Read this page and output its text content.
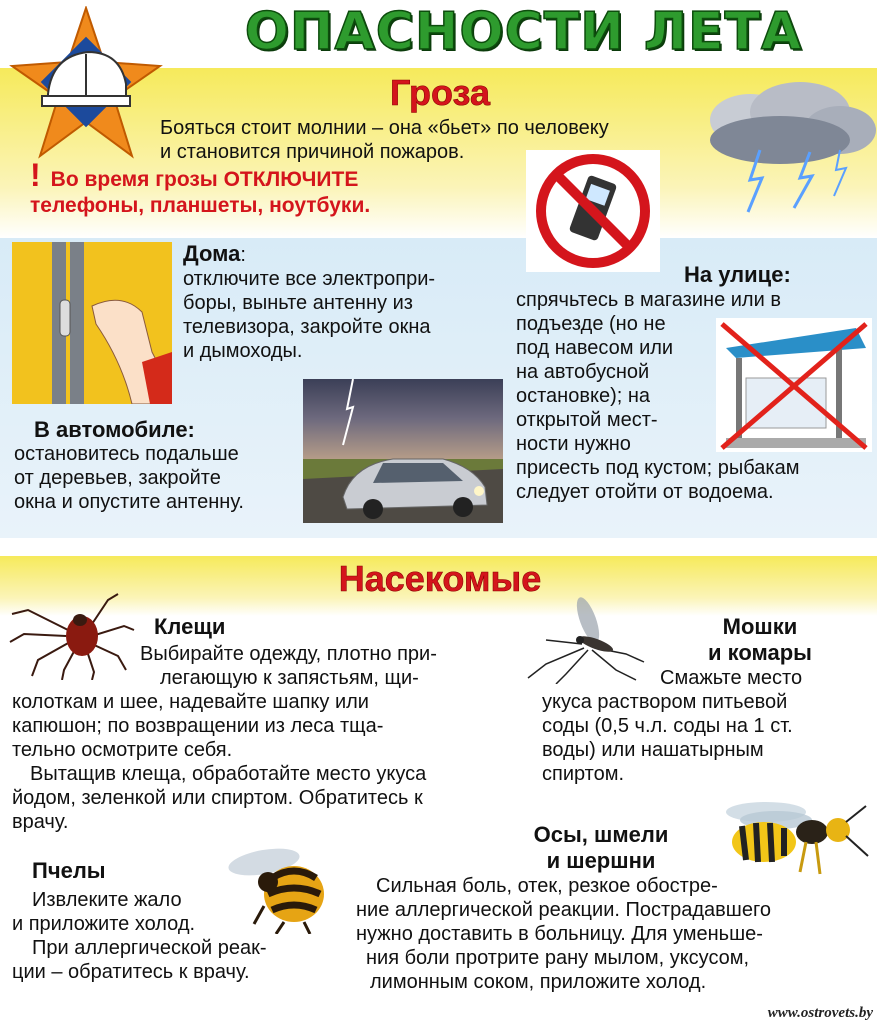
ОПАСНОСТИ ЛЕТА
Гроза
Бояться стоит молнии – она «бьет» по человеку
и становится причиной пожаров.
! Во время грозы ОТКЛЮЧИТЕ
телефоны, планшеты, ноутбуки.
Дома:
отключите все электропри-
боры, выньте антенну из
телевизора, закройте окна
и дымоходы.
На улице:
спрячьтесь в магазине или в
подъезде (но не
под навесом или
на автобусной
остановке); на
открытой мест-
ности нужно
присесть под кустом; рыбакам
следует отойти от водоема.
В автомобиле:
остановитесь подальше
от деревьев, закройте
окна и опустите антенну.
Насекомые
Клещи
Выбирайте одежду, плотно при-
легающую к запястьям, щи-
колоткам и шее, надевайте шапку или
капюшон; по возвращении из леса тща-
тельно осмотрите себя.
Вытащив клеща, обработайте место укуса
йодом, зеленкой или спиртом. Обратитесь к
врачу.
Мошки
и комары
Смажьте место
укуса раствором питьевой
соды (0,5 ч.л. соды на 1 ст.
воды) или нашатырным
спиртом.
Осы, шмели
и шершни
Пчелы
Извлеките жало
и приложите холод.
При аллергической реак-
ции – обратитесь к врачу.
Сильная боль, отек, резкое обостре-
ние аллергической реакции. Пострадавшего
нужно доставить в больницу. Для уменьше-
ния боли протрите рану мылом, уксусом,
лимонным соком, приложите холод.
www.ostrovets.by
